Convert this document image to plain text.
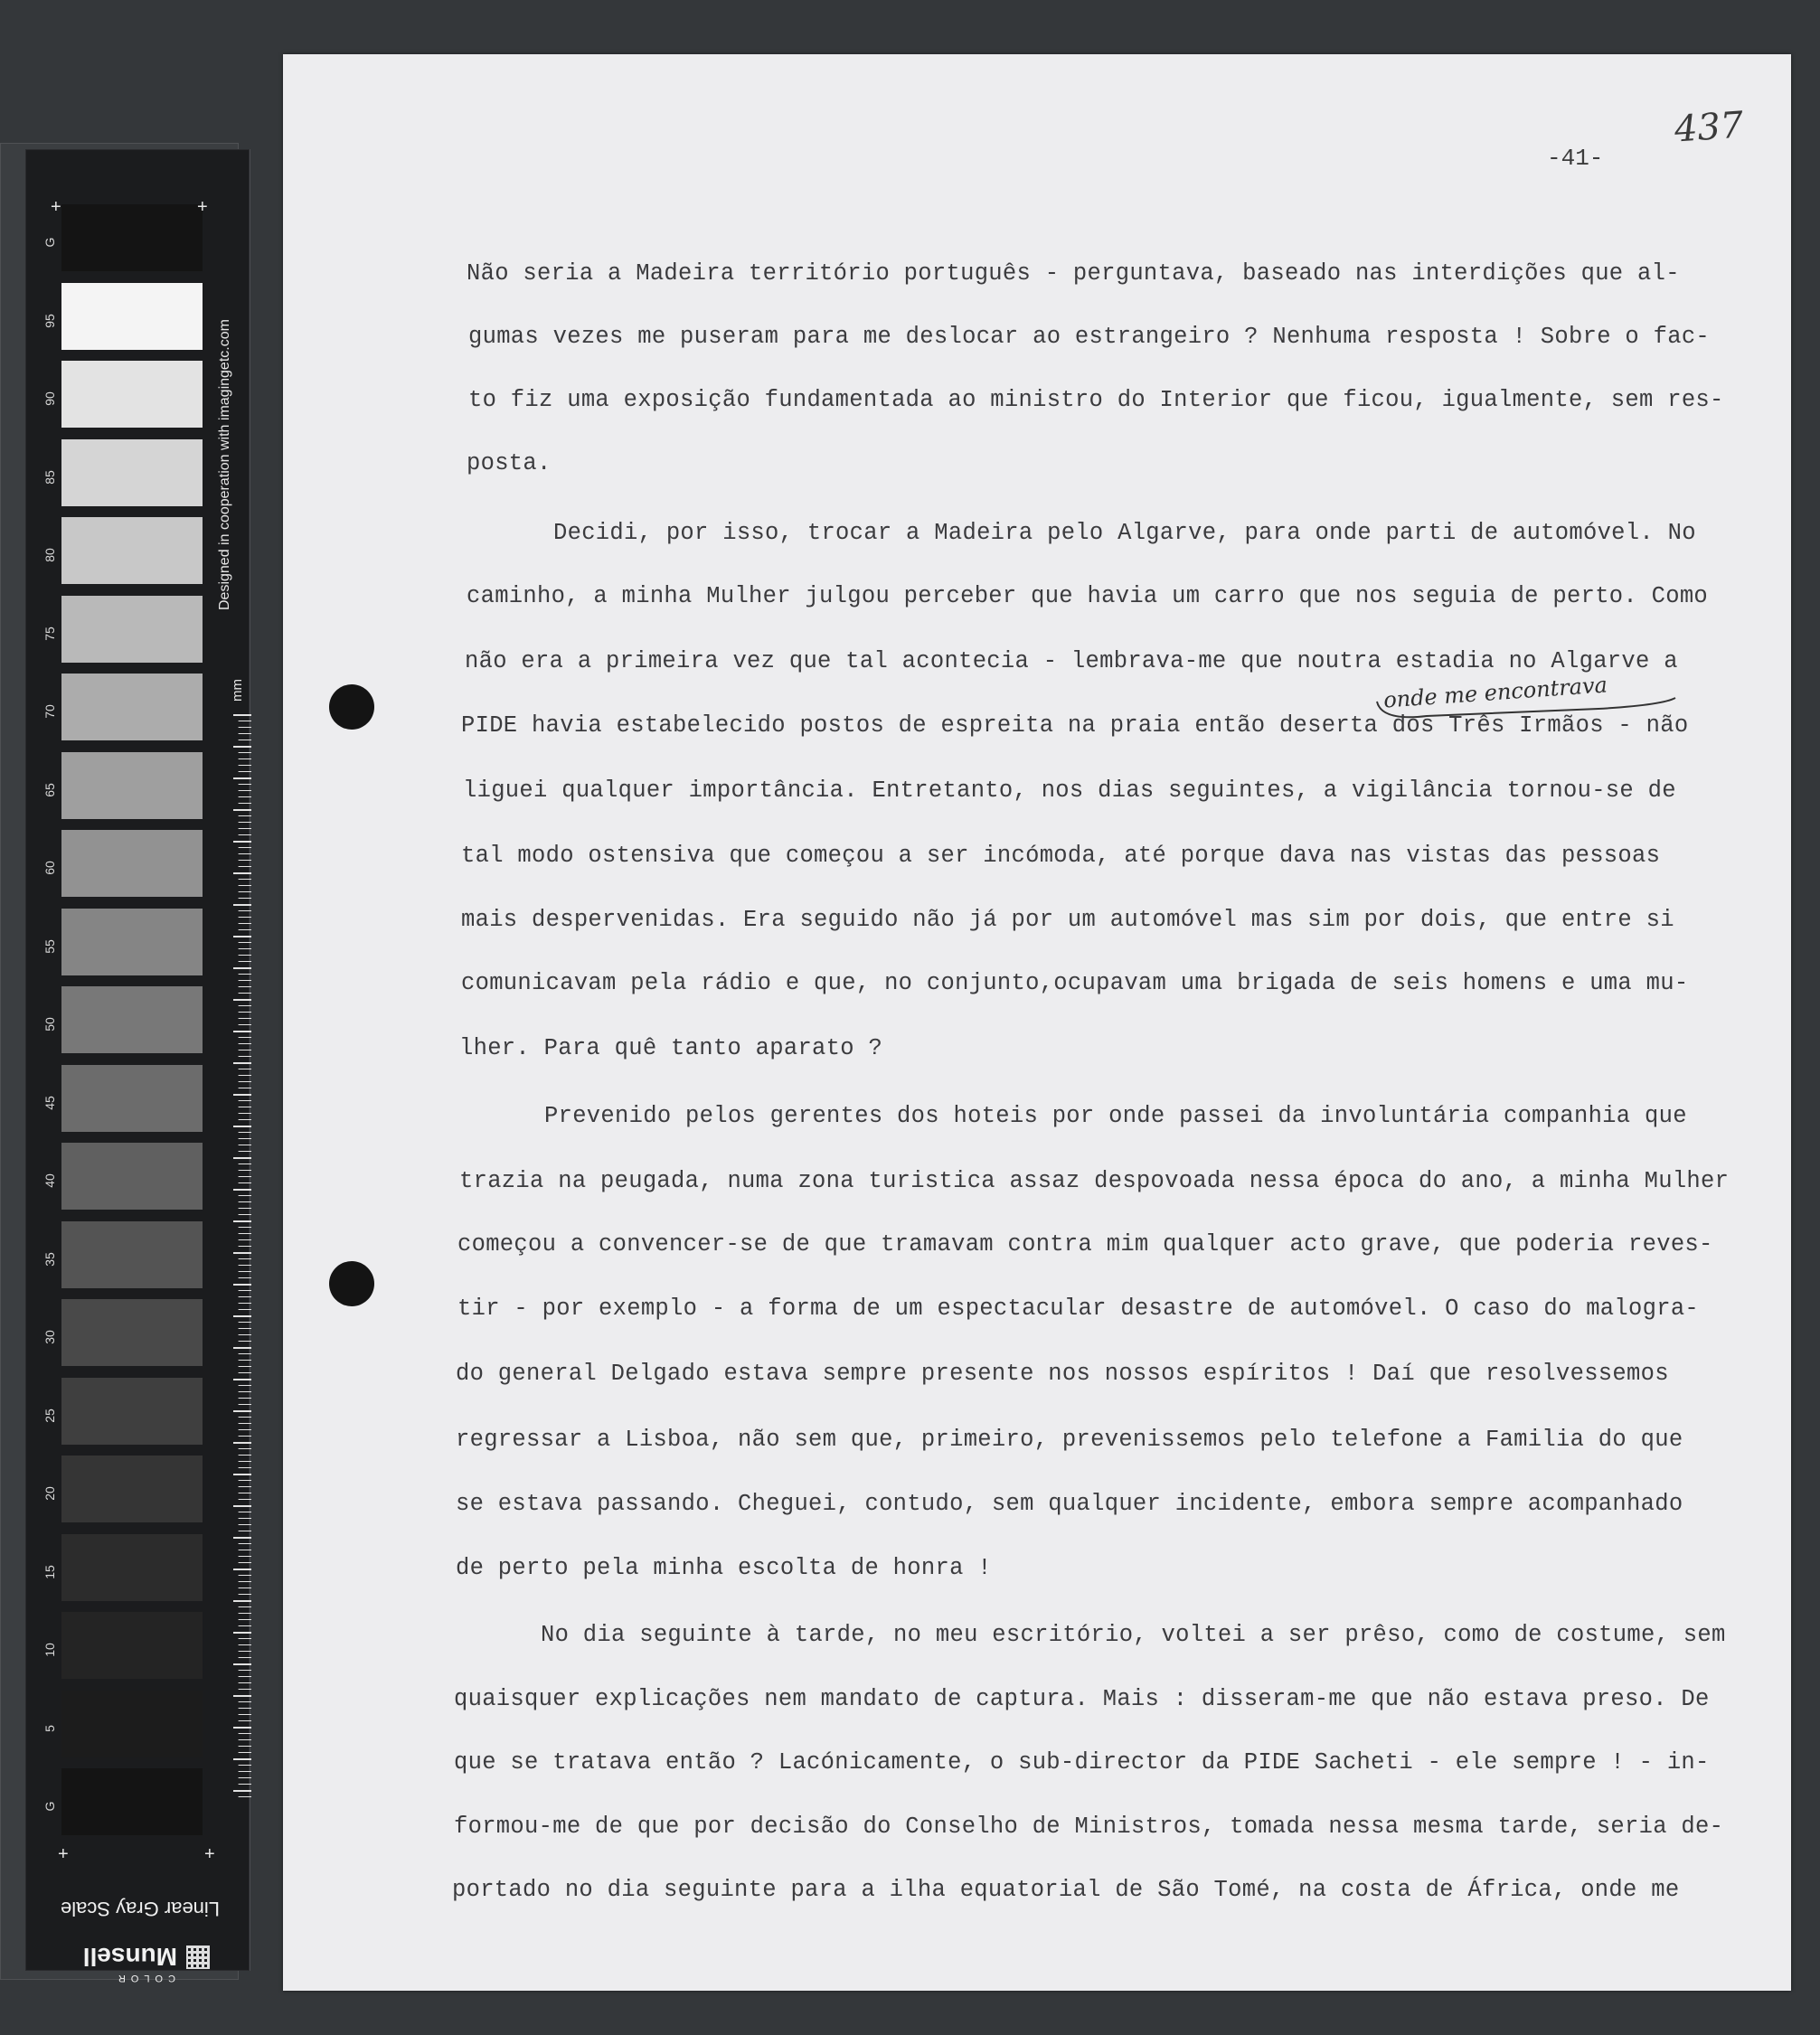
G
95
90
85
80
75
70
65
60
55
50
45
40
35
30
25
20
15
10
5
G
+	+
+	+
Designed in cooperation with imagingetc.com
mm
Linear Gray Scale
Munsell
COLOR
437
-41-
onde me encontrava
Não seria a Madeira território português - perguntava, baseado nas interdições que al-
gumas vezes me puseram para me deslocar ao estrangeiro ? Nenhuma resposta ! Sobre o fac-
to fiz uma exposição fundamentada ao ministro do Interior que ficou, igualmente, sem res-
posta.
Decidi, por isso, trocar a Madeira pelo Algarve, para onde parti de automóvel. No
caminho, a minha Mulher julgou perceber que havia um carro que nos seguia de perto. Como
não era a primeira vez que tal acontecia - lembrava-me que noutra estadia no Algarve a
PIDE havia estabelecido postos de espreita na praia então deserta dos Três Irmãos - não
liguei qualquer importância. Entretanto, nos dias seguintes, a vigilância tornou-se de
tal modo ostensiva que começou a ser incómoda, até porque dava nas vistas das pessoas
mais despervenidas. Era seguido não já por um automóvel mas sim por dois, que entre si
comunicavam pela rádio e que, no conjunto,ocupavam uma brigada de seis homens e uma mu-
lher. Para quê tanto aparato ?
Prevenido pelos gerentes dos hoteis por onde passei da involuntária companhia que
trazia na peugada, numa zona turistica assaz despovoada nessa época do ano, a minha Mulher
começou a convencer-se de que tramavam contra mim qualquer acto grave, que poderia reves-
tir - por exemplo - a forma de um espectacular desastre de automóvel. O caso do malogra-
do general Delgado estava sempre presente nos nossos espíritos ! Daí que resolvessemos
regressar a Lisboa, não sem que, primeiro, prevenissemos pelo telefone a Familia do que
se estava passando. Cheguei, contudo, sem qualquer incidente, embora sempre acompanhado
de perto pela minha escolta de honra !
No dia seguinte à tarde, no meu escritório, voltei a ser prêso, como de costume, sem
quaisquer explicações nem mandato de captura. Mais : disseram-me que não estava preso. De
que se tratava então ? Lacónicamente, o sub-director da PIDE Sacheti - ele sempre ! - in-
formou-me de que por decisão do Conselho de Ministros, tomada nessa mesma tarde, seria de-
portado no dia seguinte para a ilha equatorial de São Tomé, na costa de África, onde me
